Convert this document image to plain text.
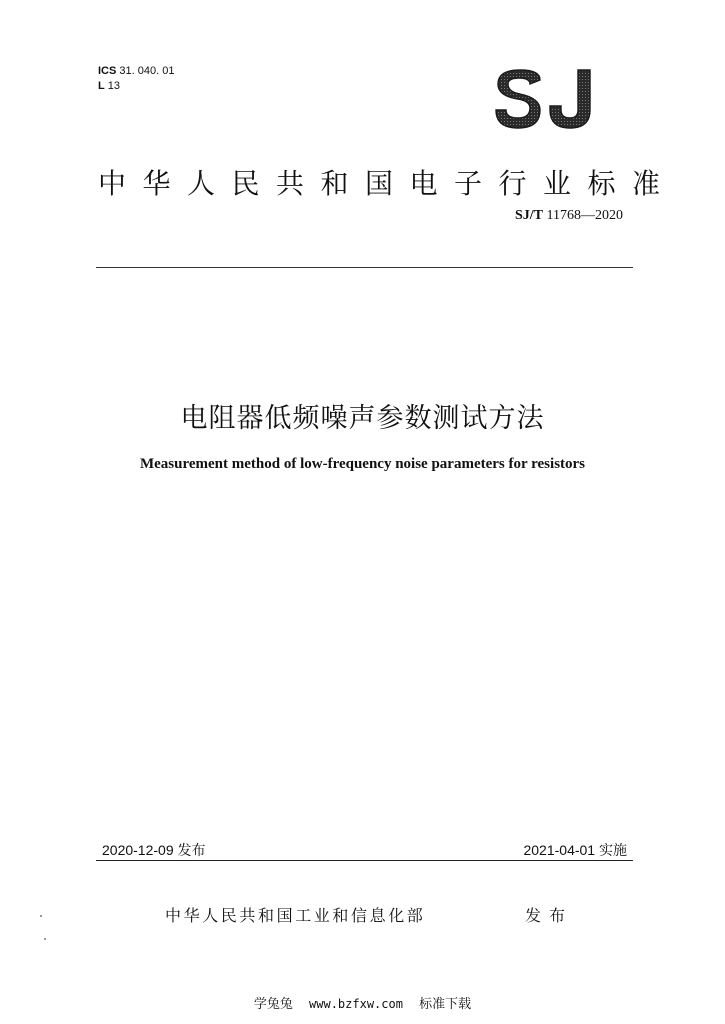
ICS 31. 040. 01
L 13
中华人民共和国电子行业标准
SJ/T 11768—2020
电阻器低频噪声参数测试方法
Measurement method of low-frequency noise parameters for resistors
2020-12-09 发布	2021-04-01 实施
中华人民共和国工业和信息化部	发布
学兔兔 www.bzfxw.com 标准下载
